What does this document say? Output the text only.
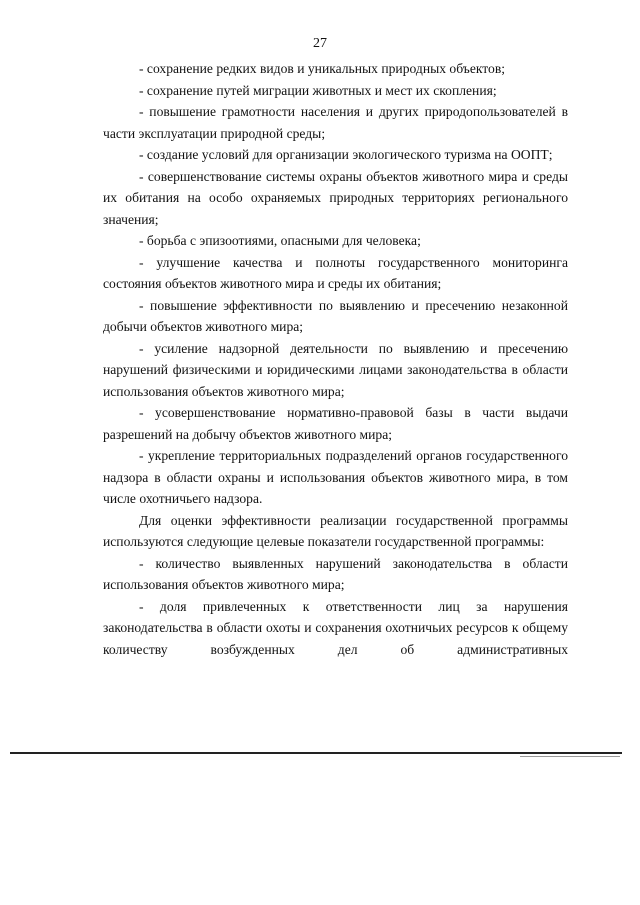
27

- сохранение редких видов и уникальных природных объектов;

- сохранение путей миграции животных и мест их скопления;

- повышение грамотности населения и других природопользователей в части эксплуатации природной среды;

- создание условий для организации экологического туризма на ООПТ;

- совершенствование системы охраны объектов животного мира и среды их обитания на особо охраняемых природных территориях регионального значения;

- борьба с эпизоотиями, опасными для человека;

- улучшение качества и полноты государственного мониторинга состояния объектов животного мира и среды их обитания;

- повышение эффективности по выявлению и пресечению незаконной добычи объектов животного мира;

- усиление надзорной деятельности по выявлению и пресечению нарушений физическими и юридическими лицами законодательства в области использования объектов животного мира;

- усовершенствование нормативно-правовой базы в части выдачи разрешений на добычу объектов животного мира;

- укрепление территориальных подразделений органов государственного надзора в области охраны и использования объектов животного мира, в том числе охотничьего надзора.

Для оценки эффективности реализации государственной программы используются следующие целевые показатели государственной программы:

- количество выявленных нарушений законодательства в области использования объектов животного мира;

- доля привлеченных к ответственности лиц за нарушения законодательства в области охоты и сохранения охотничьих ресурсов к общему количеству возбужденных дел об административных
